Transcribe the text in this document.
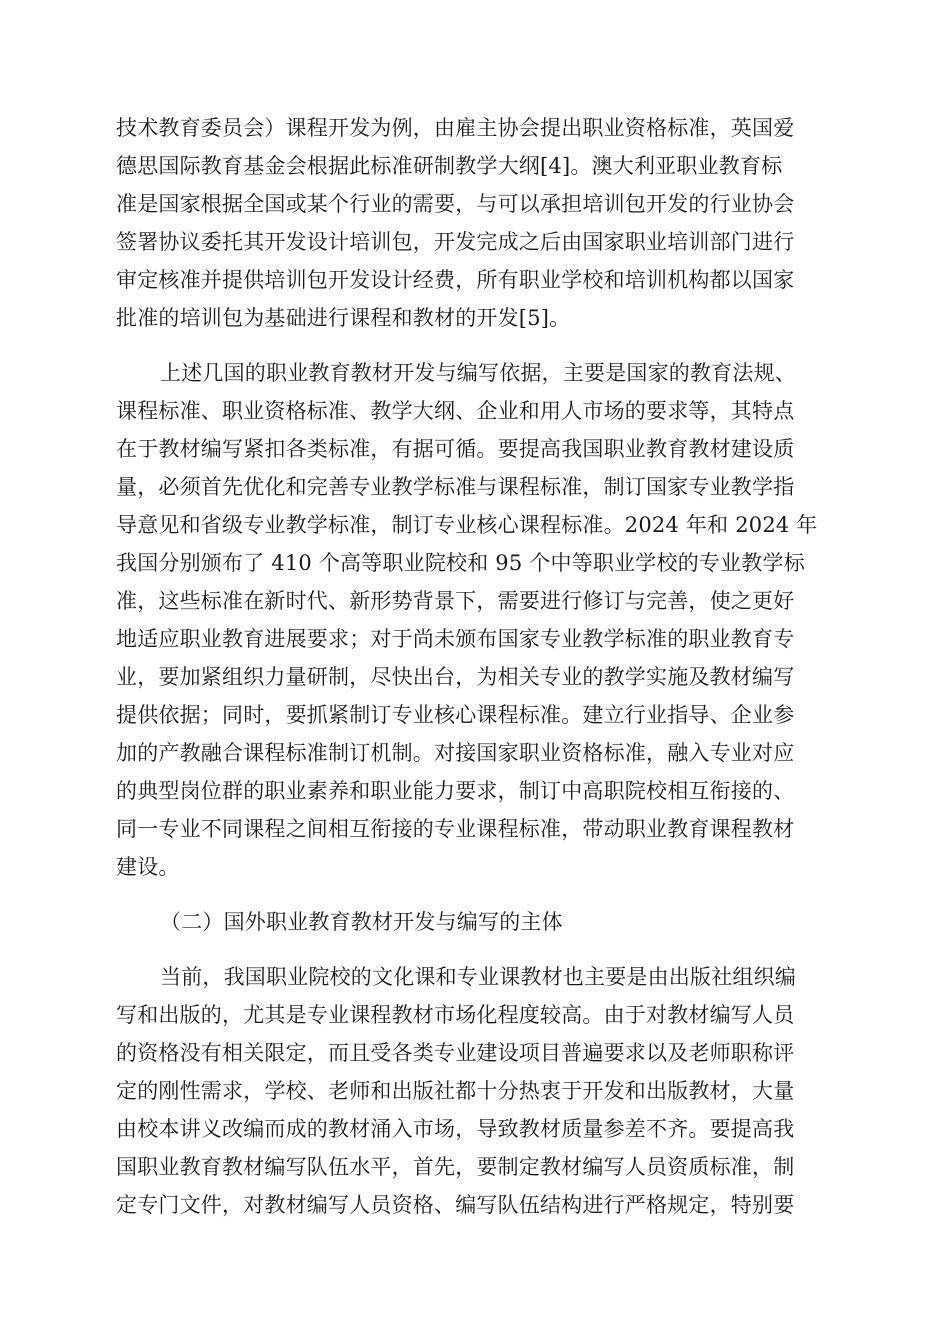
技术教育委员会）课程开发为例，由雇主协会提出职业资格标准，英国爱
德思国际教育基金会根据此标准研制教学大纲[4]。澳大利亚职业教育标
准是国家根据全国或某个行业的需要，与可以承担培训包开发的行业协会
签署协议委托其开发设计培训包，开发完成之后由国家职业培训部门进行
审定核准并提供培训包开发设计经费，所有职业学校和培训机构都以国家
批准的培训包为基础进行课程和教材的开发[5]。
上述几国的职业教育教材开发与编写依据，主要是国家的教育法规、
课程标准、职业资格标准、教学大纲、企业和用人市场的要求等，其特点
在于教材编写紧扣各类标准，有据可循。要提高我国职业教育教材建设质
量，必须首先优化和完善专业教学标准与课程标准，制订国家专业教学指
导意见和省级专业教学标准，制订专业核心课程标准。2024 年和 2024 年
我国分别颁布了 410 个高等职业院校和 95 个中等职业学校的专业教学标
准，这些标准在新时代、新形势背景下，需要进行修订与完善，使之更好
地适应职业教育进展要求；对于尚未颁布国家专业教学标准的职业教育专
业，要加紧组织力量研制，尽快出台，为相关专业的教学实施及教材编写
提供依据；同时，要抓紧制订专业核心课程标准。建立行业指导、企业参
加的产教融合课程标准制订机制。对接国家职业资格标准，融入专业对应
的典型岗位群的职业素养和职业能力要求，制订中高职院校相互衔接的、
同一专业不同课程之间相互衔接的专业课程标准，带动职业教育课程教材
建设。
（二）国外职业教育教材开发与编写的主体
当前，我国职业院校的文化课和专业课教材也主要是由出版社组织编
写和出版的，尤其是专业课程教材市场化程度较高。由于对教材编写人员
的资格没有相关限定，而且受各类专业建设项目普遍要求以及老师职称评
定的刚性需求，学校、老师和出版社都十分热衷于开发和出版教材，大量
由校本讲义改编而成的教材涌入市场，导致教材质量参差不齐。要提高我
国职业教育教材编写队伍水平，首先，要制定教材编写人员资质标准，制
定专门文件，对教材编写人员资格、编写队伍结构进行严格规定，特别要
